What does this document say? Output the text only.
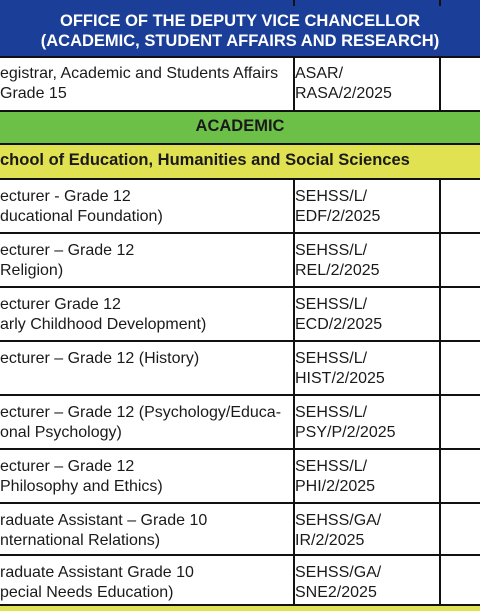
OFFICE OF THE DEPUTY VICE CHANCELLOR
(ACADEMIC, STUDENT AFFAIRS AND RESEARCH)
egistrar, Academic and Students Affairs
Grade 15
ASAR/
RASA/2/2025
ACADEMIC
chool of Education, Humanities and Social Sciences
ecturer - Grade 12
ducational Foundation)
SEHSS/L/
EDF/2/2025
ecturer – Grade 12
Religion)
SEHSS/L/
REL/2/2025
ecturer Grade 12
arly Childhood Development)
SEHSS/L/
ECD/2/2025
ecturer – Grade 12 (History)	SEHSS/L/
HIST/2/2025
ecturer – Grade 12 (Psychology/Educa-
onal Psychology)
SEHSS/L/
PSY/P/2/2025
ecturer – Grade 12
Philosophy and Ethics)
SEHSS/L/
PHI/2/2025
raduate Assistant – Grade 10
nternational Relations)
SEHSS/GA/
IR/2/2025
raduate Assistant Grade 10
pecial Needs Education)
SEHSS/GA/
SNE2/2025
